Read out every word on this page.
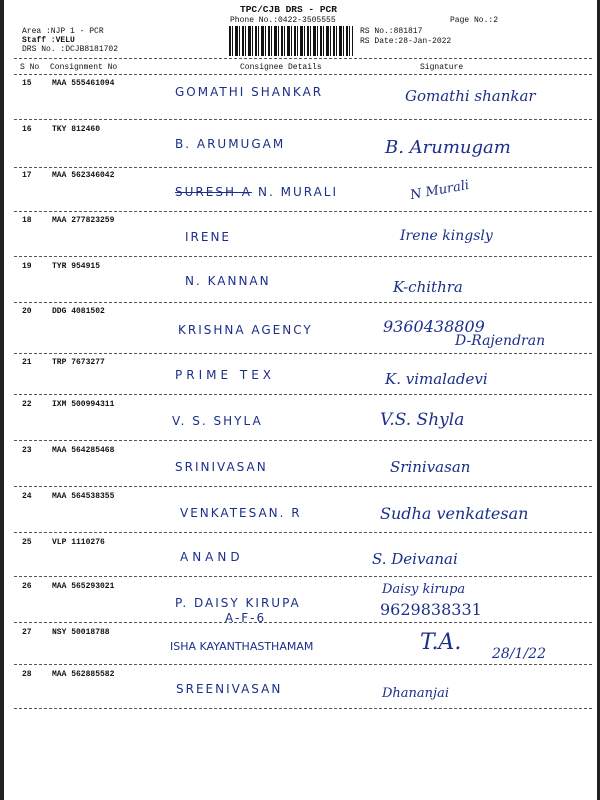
TPC/CJB DRS - PCR
Phone No.:0422-3505555	Page No.:2
Area :NJP 1 - PCR
Staff :VELU
DRS No. :DCJB8181702
RS No.:881817
RS Date:28-Jan-2022
S No Consignment No	Consignee Details	Signature
15	MAA 555461094
GOMATHI SHANKAR	Gomathi shankar
16	TKY 812460
B. ARUMUGAM	B. Arumugam
17	MAA 562346042
SURESH A N. MURALI	N Murali
18	MAA 277823259
IRENE	Irene kingsly
19	TYR 954915
N. KANNAN	K-chithra
20	DDG 4081502
KRISHNA AGENCY	9360438809
D-Rajendran
21	TRP 7673277
PRIME TEX	K. vimaladevi
22	IXM 500994311
V. S. SHYLA	V.S. Shyla
23	MAA 564285468
SRINIVASAN	Srinivasan
24	MAA 564538355
VENKATESAN. R	Sudha venkatesan
25	VLP 1110276
ANAND	S. Deivanai
26	MAA 565293021
P. DAISY KIRUPA
A-F-6
Daisy kirupa
9629838331
27	NSY 50018788
ISHA KAYANTHASTHAMAM	T.A. 28/1/22
28	MAA 562885582
SREENIVASAN	Dhananjai
